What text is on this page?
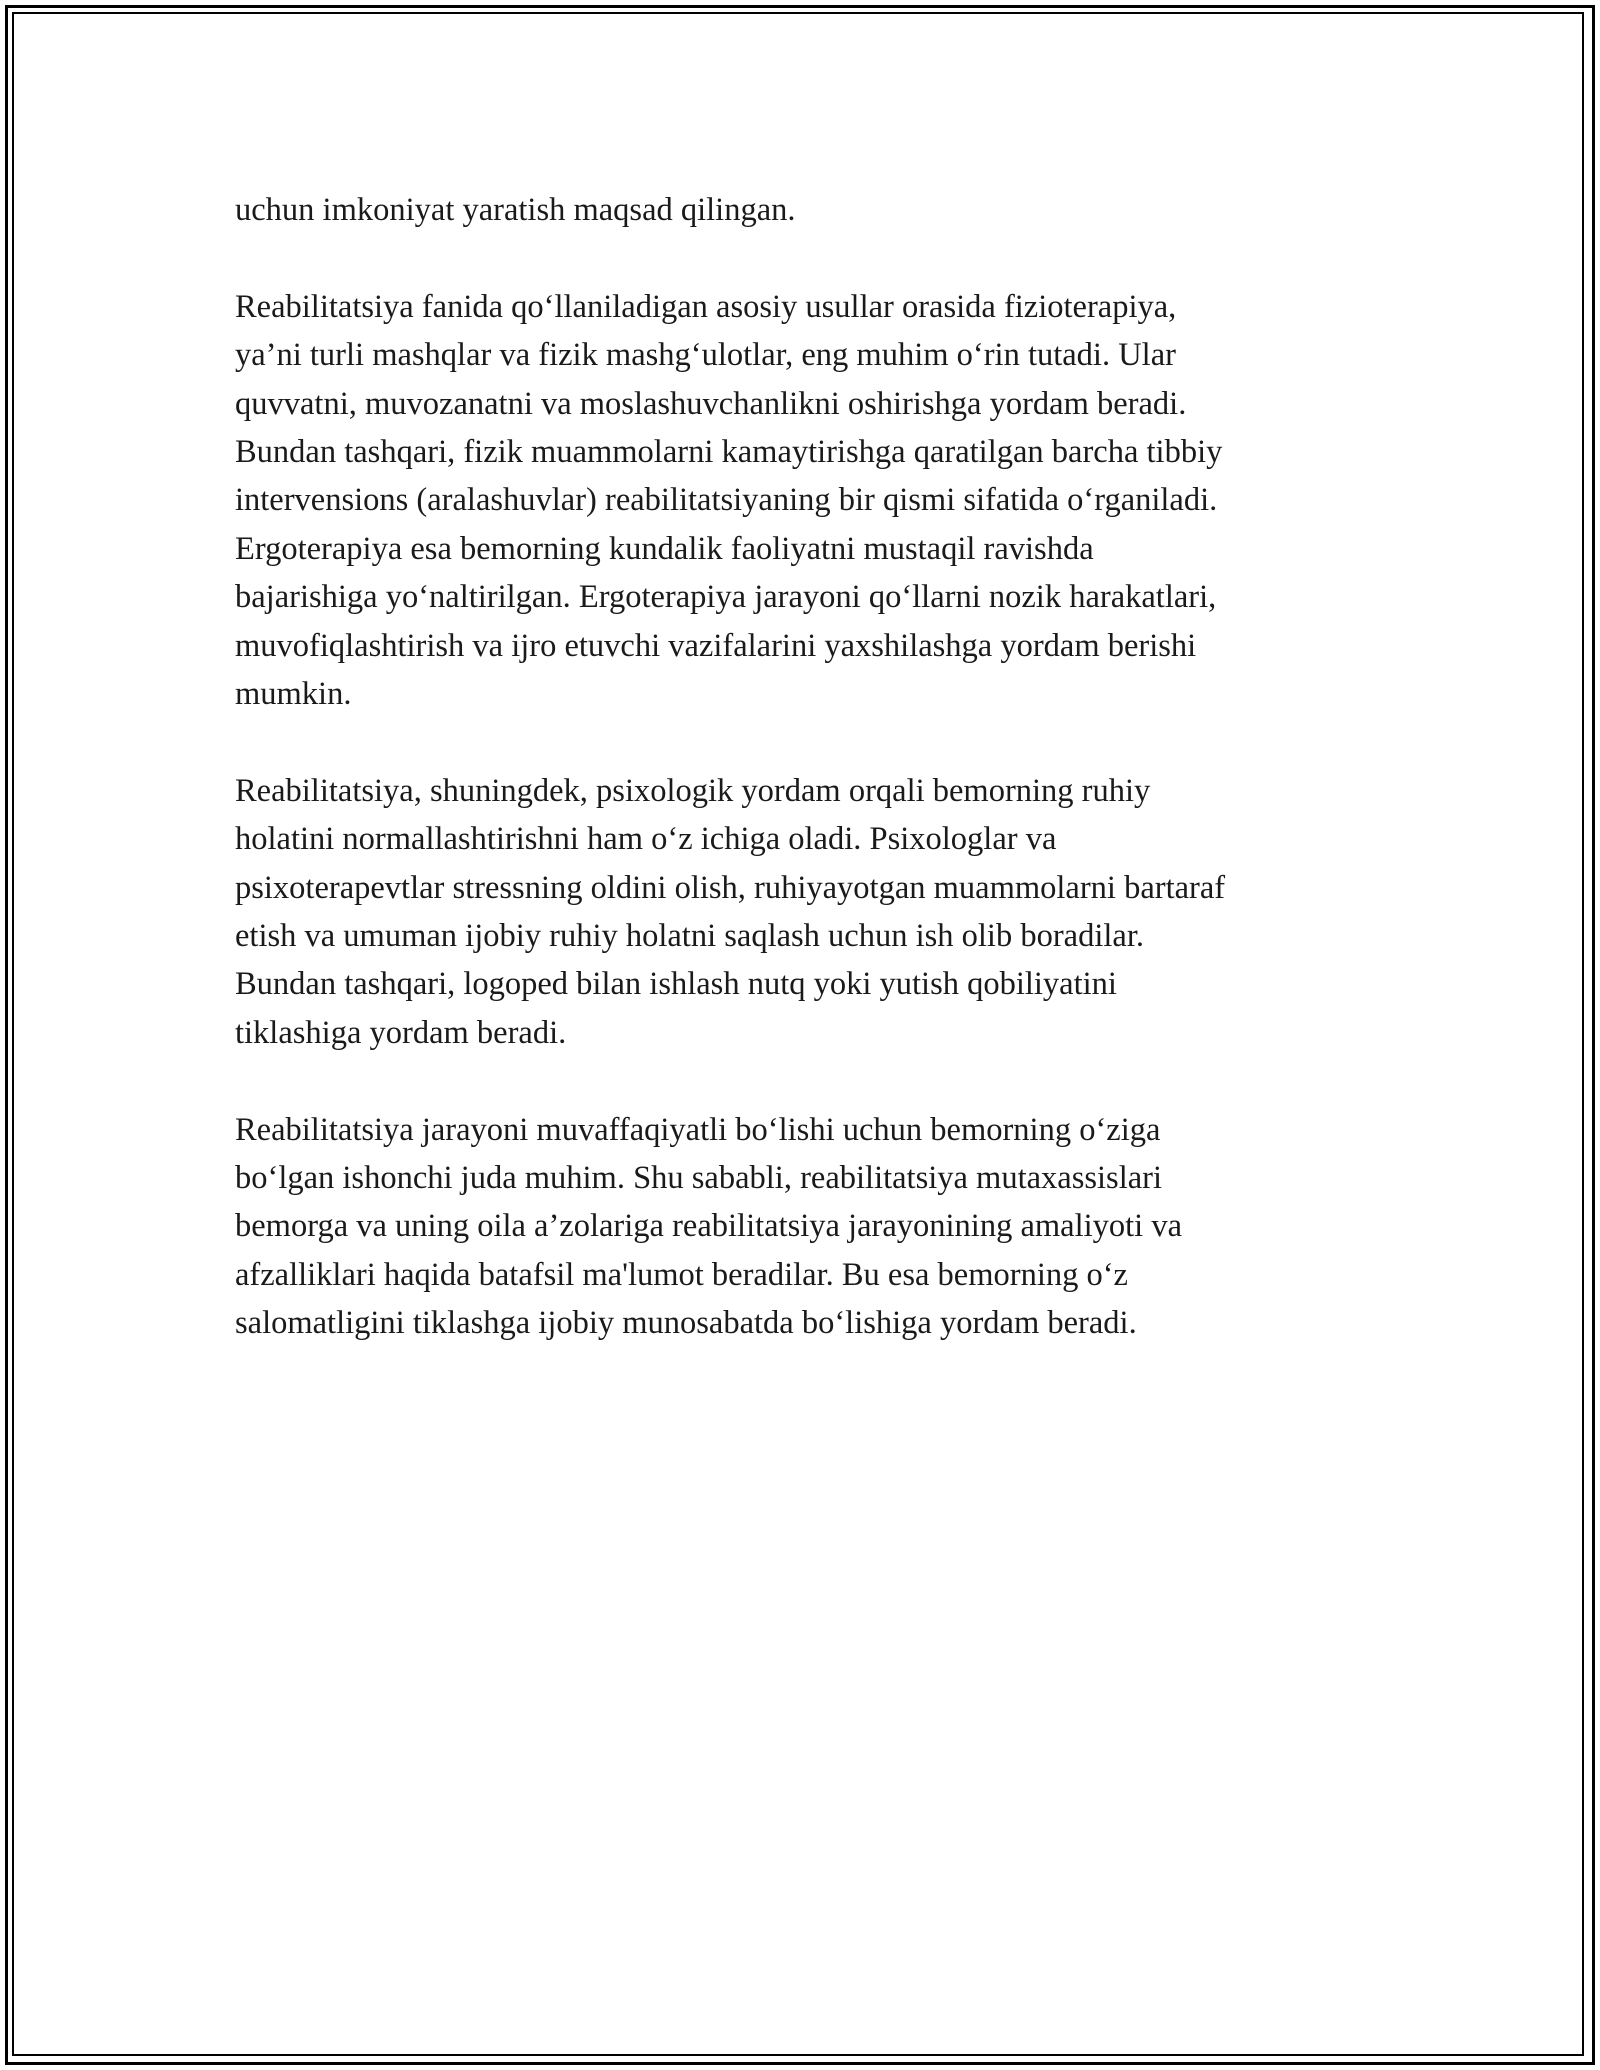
uchun imkoniyat yaratish maqsad qilingan.

Reabilitatsiya fanida qo‘llaniladigan asosiy usullar orasida fizioterapiya,
ya’ni turli mashqlar va fizik mashg‘ulotlar, eng muhim o‘rin tutadi. Ular
quvvatni, muvozanatni va moslashuvchanlikni oshirishga yordam beradi.
Bundan tashqari, fizik muammolarni kamaytirishga qaratilgan barcha tibbiy
intervensions (aralashuvlar) reabilitatsiyaning bir qismi sifatida o‘rganiladi.
Ergoterapiya esa bemorning kundalik faoliyatni mustaqil ravishda
bajarishiga yo‘naltirilgan. Ergoterapiya jarayoni qo‘llarni nozik harakatlari,
muvofiqlashtirish va ijro etuvchi vazifalarini yaxshilashga yordam berishi
mumkin.

Reabilitatsiya, shuningdek, psixologik yordam orqali bemorning ruhiy
holatini normallashtirishni ham o‘z ichiga oladi. Psixologlar va
psixoterapevtlar stressning oldini olish, ruhiyayotgan muammolarni bartaraf
etish va umuman ijobiy ruhiy holatni saqlash uchun ish olib boradilar.
Bundan tashqari, logoped bilan ishlash nutq yoki yutish qobiliyatini
tiklashiga yordam beradi.

Reabilitatsiya jarayoni muvaffaqiyatli bo‘lishi uchun bemorning o‘ziga
bo‘lgan ishonchi juda muhim. Shu sababli, reabilitatsiya mutaxassislari
bemorga va uning oila a’zolariga reabilitatsiya jarayonining amaliyoti va
afzalliklari haqida batafsil ma'lumot beradilar. Bu esa bemorning o‘z
salomatligini tiklashga ijobiy munosabatda bo‘lishiga yordam beradi.
